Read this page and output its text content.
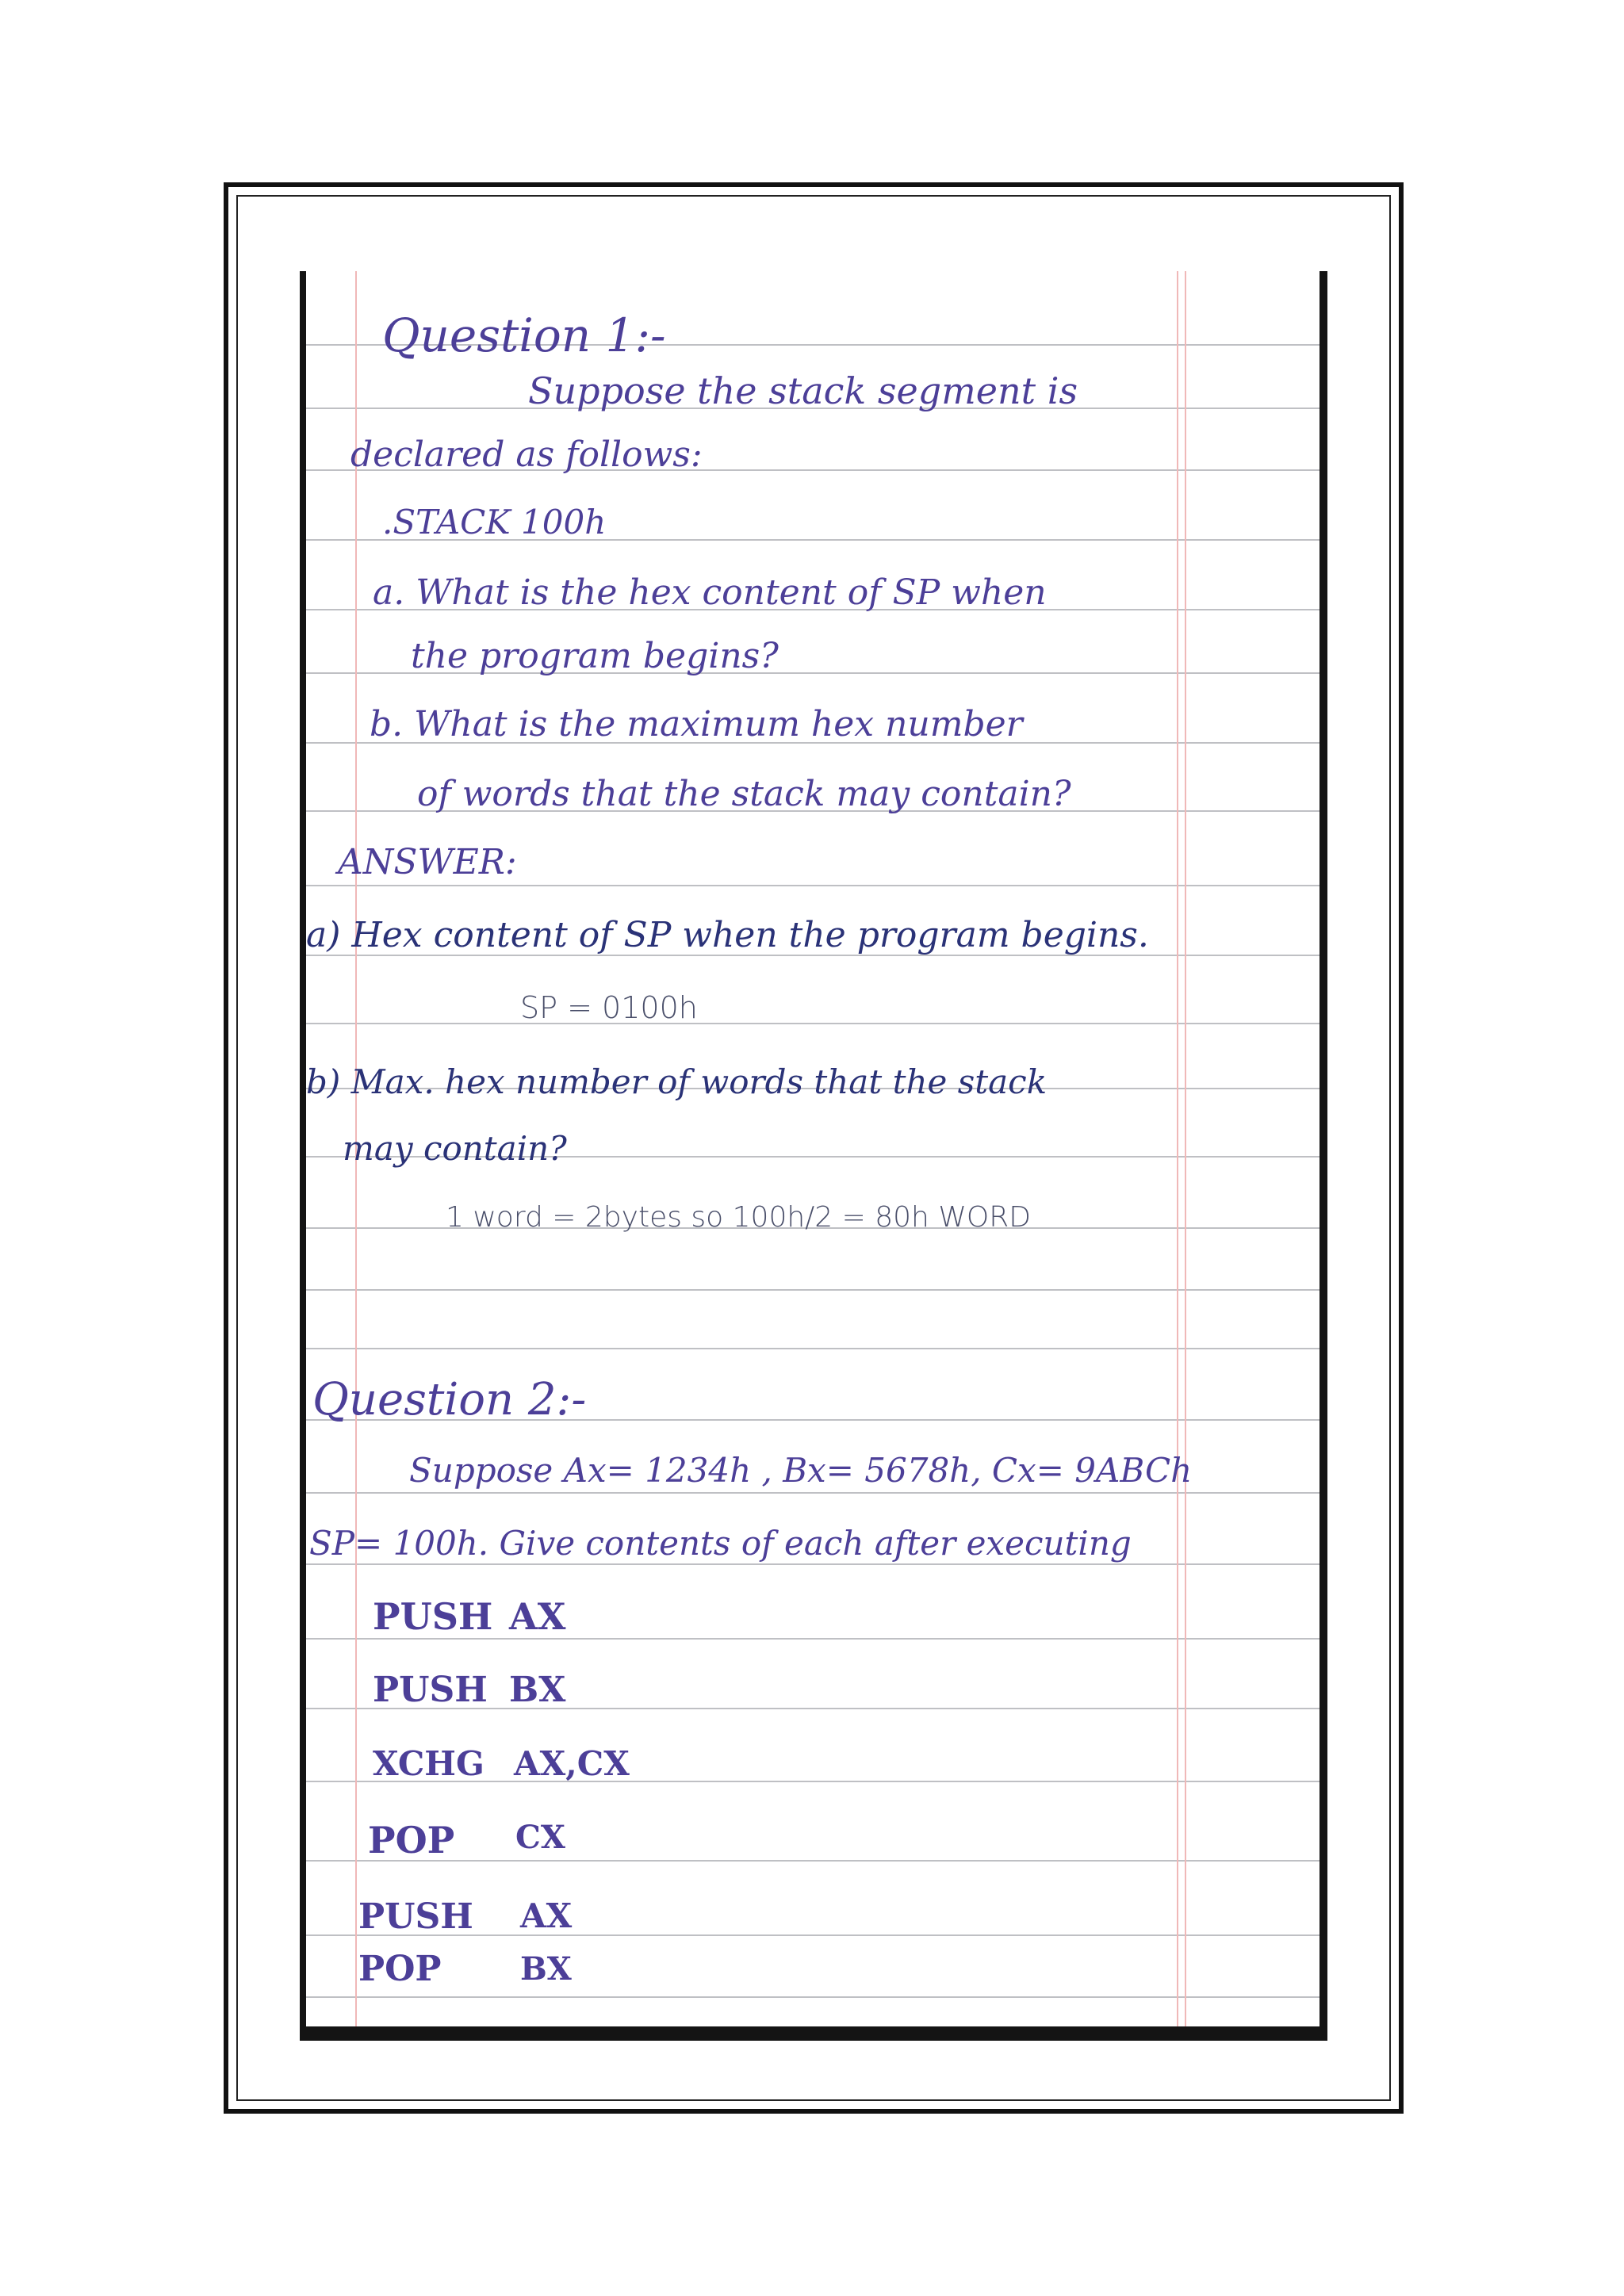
Question 1:-
Suppose the stack segment is
declared as follows:
.STACK 100h
a. What is the hex content of SP when
the program begins?
b. What is the maximum hex number
of words that the stack may contain?
ANSWER:
a) Hex content of SP when the program begins.
SP = 0100h
b) Max. hex number of words that the stack
may contain?
1 word = 2bytes so 100h/2 = 80h WORD
Question 2:-
Suppose Ax= 1234h , Bx= 5678h, Cx= 9ABCh
SP= 100h. Give contents of each after executing
PUSH AX
PUSH BX
XCHG AX,CX
POP CX
PUSH AX
POP BX
